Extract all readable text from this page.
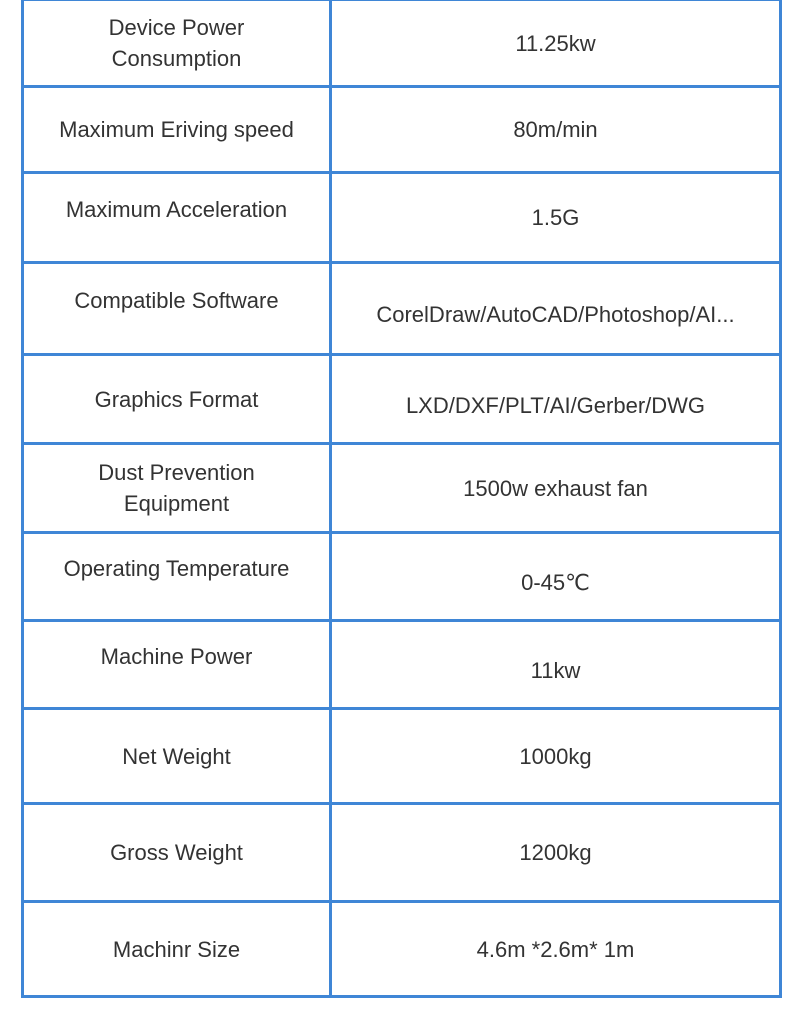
Device Power Consumption	11.25kw
Maximum Eriving speed	80m/min
Maximum Acceleration	1.5G
Compatible Software	CorelDraw/AutoCAD/Photoshop/AI...
Graphics Format	LXD/DXF/PLT/AI/Gerber/DWG
Dust Prevention Equipment	1500w exhaust fan
Operating Temperature	0-45℃
Machine Power	11kw
Net Weight	1000kg
Gross Weight	1200kg
Machinr Size	4.6m *2.6m* 1m
